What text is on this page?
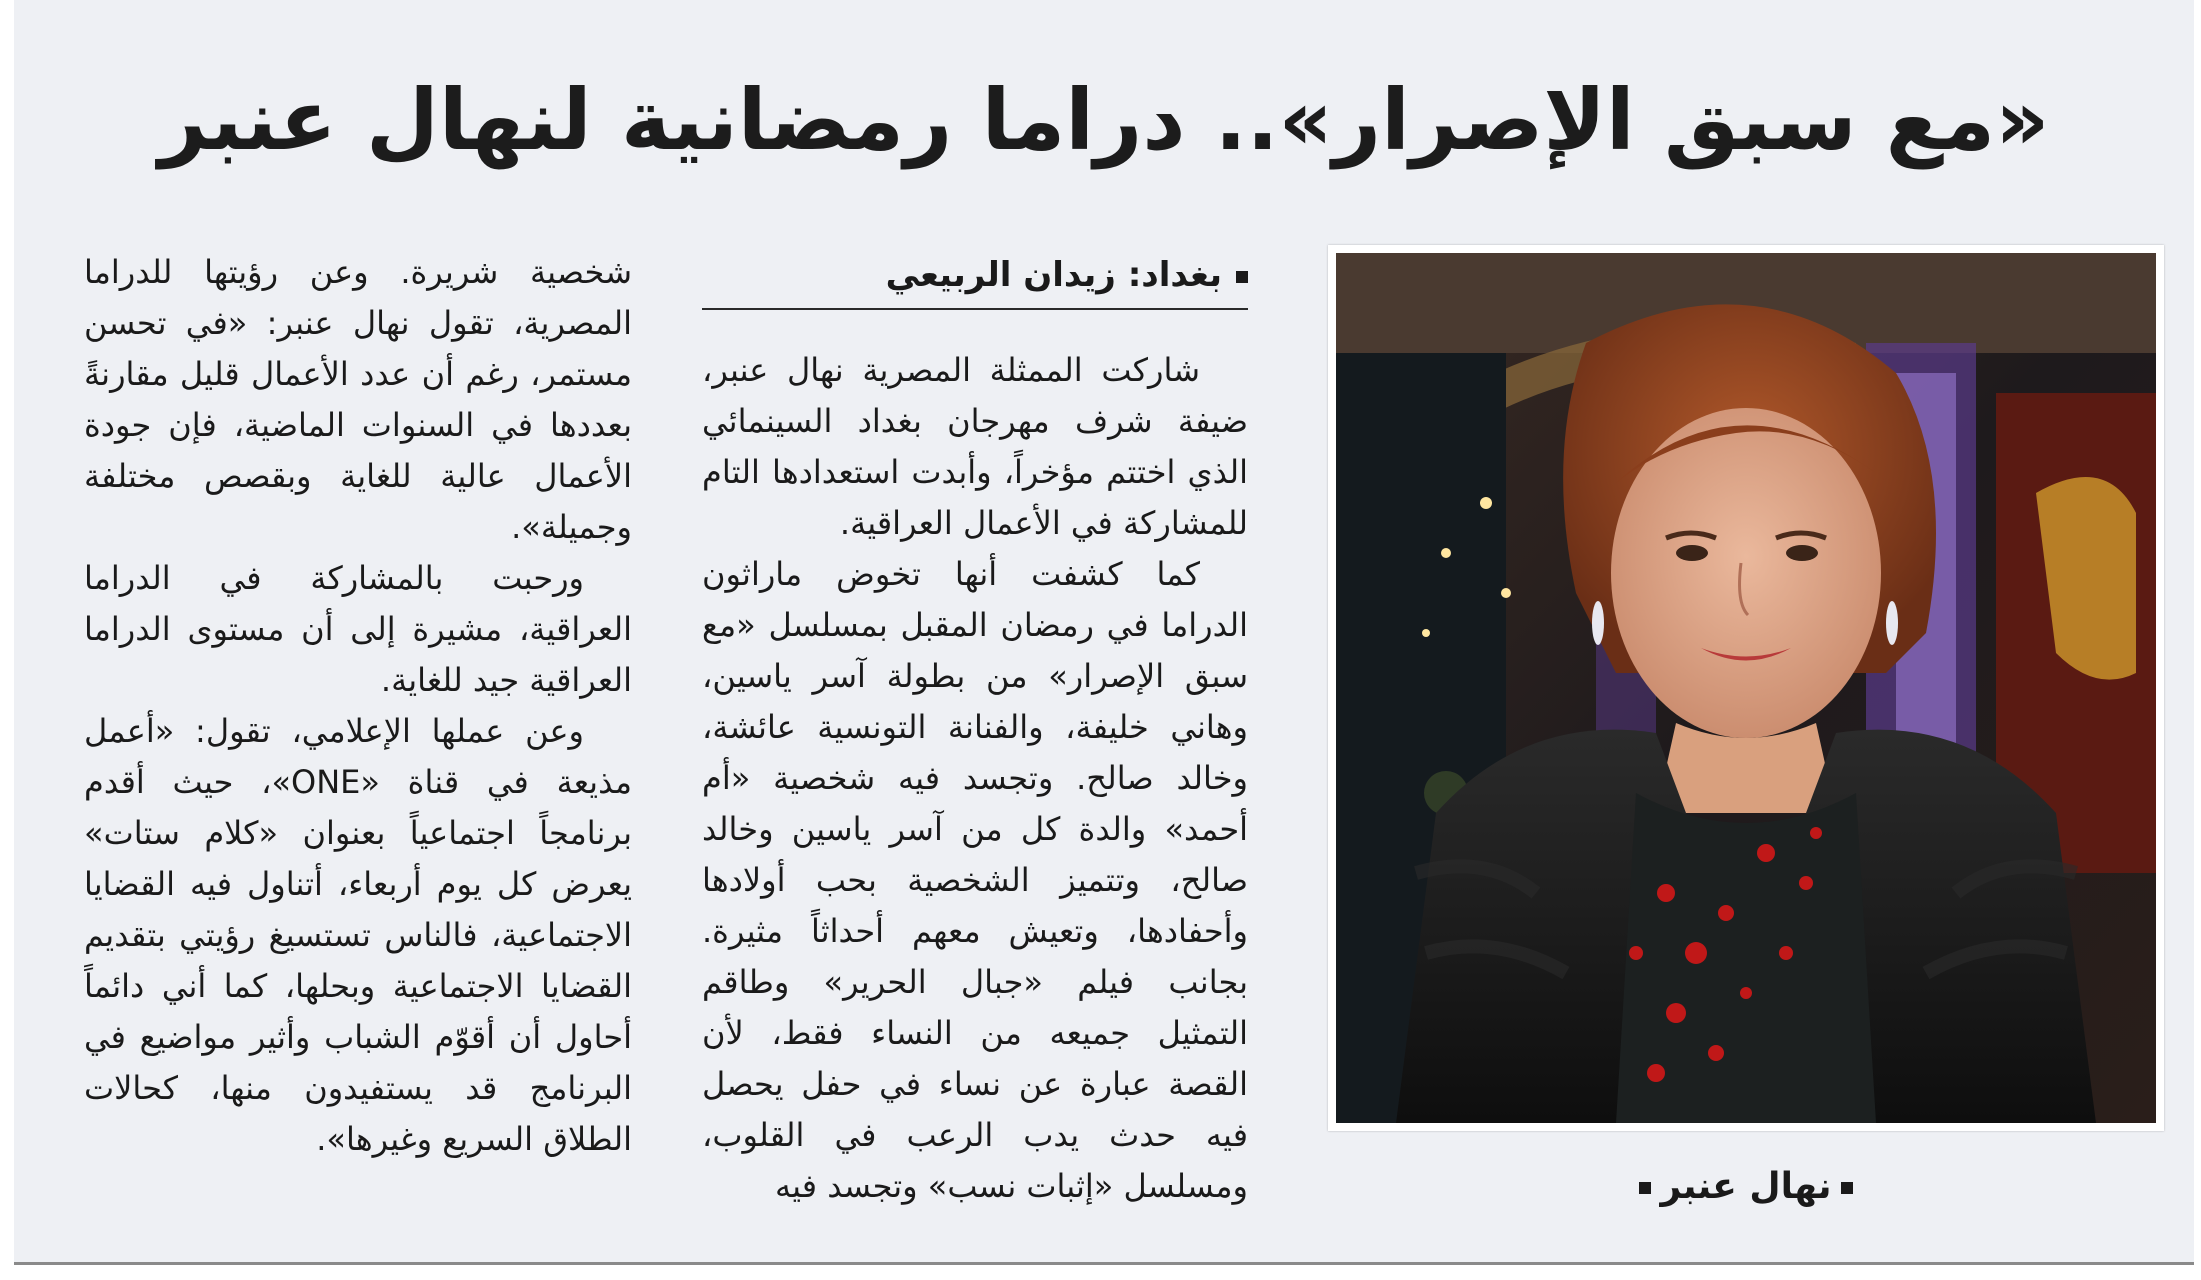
«مع سبق الإصرار».. دراما رمضانية لنهال عنبر
نهال عنبر
بغداد: زيدان الربيعي

شاركت الممثلة المصرية نهال عنبر، ضيفة شرف مهرجان بغداد السينمائي الذي اختتم مؤخراً، وأبدت استعدادها التام للمشاركة في الأعمال العراقية.

كما كشفت أنها تخوض ماراثون الدراما في رمضان المقبل بمسلسل «مع سبق الإصرار» من بطولة آسر ياسين، وهاني خليفة، والفنانة التونسية عائشة، وخالد صالح. وتجسد فيه شخصية «أم أحمد» والدة كل من آسر ياسين وخالد صالح، وتتميز الشخصية بحب أولادها وأحفادها، وتعيش معهم أحداثاً مثيرة. بجانب فيلم «جبال الحرير» وطاقم التمثيل جميعه من النساء فقط، لأن القصة عبارة عن نساء في حفل يحصل فيه حدث يدب الرعب في القلوب، ومسلسل «إثبات نسب» وتجسد فيه

شخصية شريرة. وعن رؤيتها للدراما المصرية، تقول نهال عنبر: «في تحسن مستمر، رغم أن عدد الأعمال قليل مقارنةً بعددها في السنوات الماضية، فإن جودة الأعمال عالية للغاية وبقصص مختلفة وجميلة».

ورحبت بالمشاركة في الدراما العراقية، مشيرة إلى أن مستوى الدراما العراقية جيد للغاية.

وعن عملها الإعلامي، تقول: «أعمل مذيعة في قناة «ONE»، حيث أقدم برنامجاً اجتماعياً بعنوان «كلام ستات» يعرض كل يوم أربعاء، أتناول فيه القضايا الاجتماعية، فالناس تستسيغ رؤيتي بتقديم القضايا الاجتماعية وبحلها، كما أني دائماً أحاول أن أقوّم الشباب وأثير مواضيع في البرنامج قد يستفيدون منها، كحالات الطلاق السريع وغيرها».
